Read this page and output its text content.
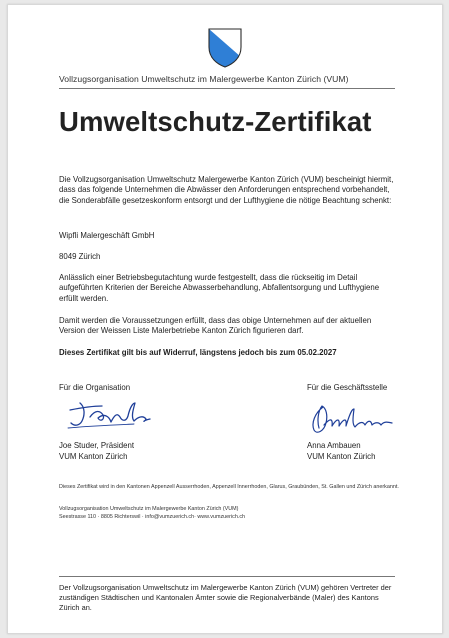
Vollzugsorganisation Umweltschutz im Malergewerbe Kanton Zürich (VUM)
Umweltschutz-Zertifikat

Die Vollzugsorganisation Umweltschutz Malergewerbe Kanton Zürich (VUM) bescheinigt hiermit, dass das folgende Unternehmen die Abwässer den Anforderungen entsprechend vorbehandelt, die Sonderabfälle gesetzeskonform entsorgt und der Lufthygiene die nötige Beachtung schenkt:

Wipfli Malergeschäft GmbH

8049 Zürich

Anlässlich einer Betriebsbegutachtung wurde festgestellt, dass die rückseitig im Detail aufgeführten Kriterien der Bereiche Abwasserbehandlung, Abfallentsorgung und Lufthygiene erfüllt werden.

Damit werden die Voraussetzungen erfüllt, dass das obige Unternehmen auf der aktuellen Version der Weissen Liste Malerbetriebe Kanton Zürich figurieren darf.

Dieses Zertifikat gilt bis auf Widerruf, längstens jedoch bis zum 05.02.2027

Für die Organisation	Für die Geschäftsstelle
Joe Studer, Präsident
VUM Kanton Zürich
Anna Ambauen
VUM Kanton Zürich

Dieses Zertifikat wird in den Kantonen Appenzell Ausserrhoden, Appenzell Innerrhoden, Glarus, Graubünden, St. Gallen und Zürich anerkannt.

Vollzugsorganisation Umweltschutz im Malergewerbe Kanton Zürich (VUM)

Seestrasse 110 · 8805 Richterswil · info@vumzuerich.ch· www.vumzuerich.ch

Der Vollzugsorganisation Umweltschutz im Malergewerbe Kanton Zürich (VUM) gehören Vertreter der zuständigen Städtischen und Kantonalen Ämter sowie die Regionalverbände (Maler) des Kantons Zürich an.
